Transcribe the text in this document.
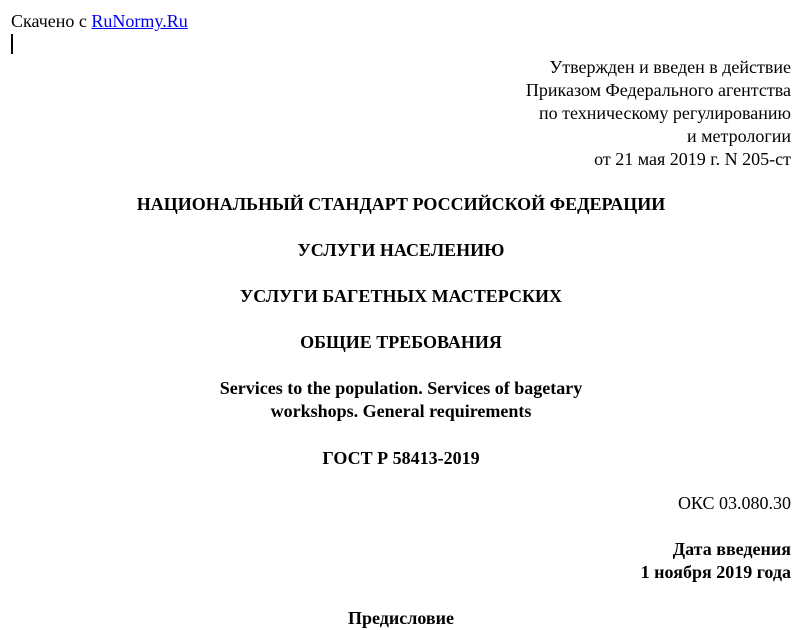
Скачено с RuNormy.Ru
Утвержден и введен в действие
Приказом Федерального агентства
по техническому регулированию
и метрологии
от 21 мая 2019 г. N 205-ст
НАЦИОНАЛЬНЫЙ СТАНДАРТ РОССИЙСКОЙ ФЕДЕРАЦИИ
УСЛУГИ НАСЕЛЕНИЮ
УСЛУГИ БАГЕТНЫХ МАСТЕРСКИХ
ОБЩИЕ ТРЕБОВАНИЯ
Services to the population. Services of bagetary
workshops. General requirements
ГОСТ Р 58413-2019
ОКС 03.080.30
Дата введения
1 ноября 2019 года
Предисловие
